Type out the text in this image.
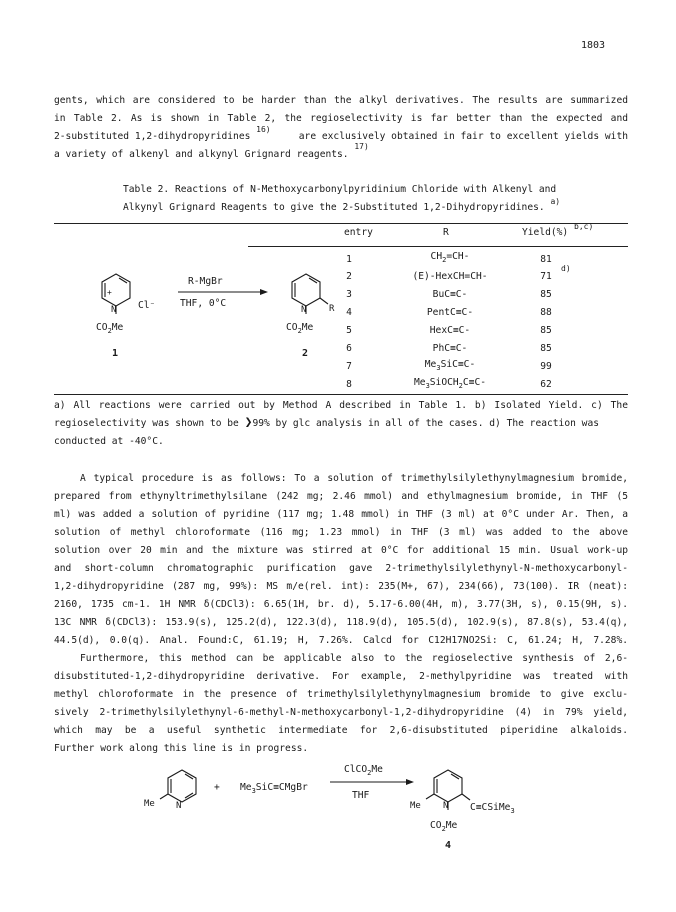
1803
gents, which are considered to be harder than the alkyl derivatives. The results are summarized
in Table 2. As is shown in Table 2, the regioselectivity is far better than the expected and
2-substituted 1,2-dihydropyridines $^{16)}$
are exclusively obtained in fair to excellent yields with
a variety of alkenyl and alkynyl Grignard reagents. $^{17)}$
Table 2. Reactions of N-Methoxycarbonylpyridinium Chloride with Alkenyl and
Alkynyl Grignard Reagents to give the 2-Substituted 1,2-Dihydropyridines. $^{a)}$
entry	R	Yield(%) $^{b,c)}$
1	$CH_2=CH-$	81
2	(E)-HexCH=CH-	71
d)
3	BuC≡C-	85
4	PentC≡C-	88
5	HexC≡C-	85
6	PhC≡C-	85
7	$Me_3SiC\equiv C-$	99
8	$Me_3SiOCH_2C\equiv C-$	62
+
N Cl⁻
$CO_2Me$
1
R-MgBr
THF, 0°C
N	R
$CO_2Me$
2
a) All reactions were carried out by Method A described in Table 1. b) Isolated Yield. c) The
regioselectivity was shown to be ❯99% by glc analysis in all of the cases. d) The reaction was
conducted at -40°C.
A typical procedure is as follows: To a solution of trimethylsilylethynylmagnesium bromide,
prepared from ethynyltrimethylsilane (242 mg; 2.46 mmol) and ethylmagnesium bromide, in THF (5
ml) was added a solution of pyridine (117 mg; 1.48 mmol) in THF (3 ml) at 0°C under Ar. Then, a
solution of methyl chloroformate (116 mg; 1.23 mmol) in THF (3 ml) was added to the above
solution over 20 min and the mixture was stirred at 0°C for additional 15 min. Usual work-up
and short-column chromatographic purification gave 2-trimethylsilylethynyl-N-methoxycarbonyl-
1,2-dihydropyridine (287 mg, 99%): MS m/e(rel. int): 235(M+, 67), 234(66), 73(100). IR (neat):
2160, 1735 cm-1. 1H NMR δ(CDCl3): 6.65(1H, br. d), 5.17-6.00(4H, m), 3.77(3H, s), 0.15(9H, s).
13C NMR δ(CDCl3): 153.9(s), 125.2(d), 122.3(d), 118.9(d), 105.5(d), 102.9(s), 87.8(s), 53.4(q),
44.5(d), 0.0(q). Anal. Found:C, 61.19; H, 7.26%. Calcd for C12H17NO2Si: C, 61.24; H, 7.28%.
Furthermore, this method can be applicable also to the regioselective synthesis of 2,6-
disubstituted-1,2-dihydropyridine derivative. For example, 2-methylpyridine was treated with
methyl chloroformate in the presence of trimethylsilylethynylmagnesium bromide to give exclu-
sively 2-trimethylsilylethynyl-6-methyl-N-methoxycarbonyl-1,2-dihydropyridine (4) in 79% yield,
which may be a useful synthetic intermediate for 2,6-disubstituted piperidine alkaloids.
Further work along this line is in progress.
Me N
+ $Me_3SiC\equiv CMgBr$
ClCO$_2$Me
THF
Me N C≡CSiMe$_3$
$CO_2Me$
4
